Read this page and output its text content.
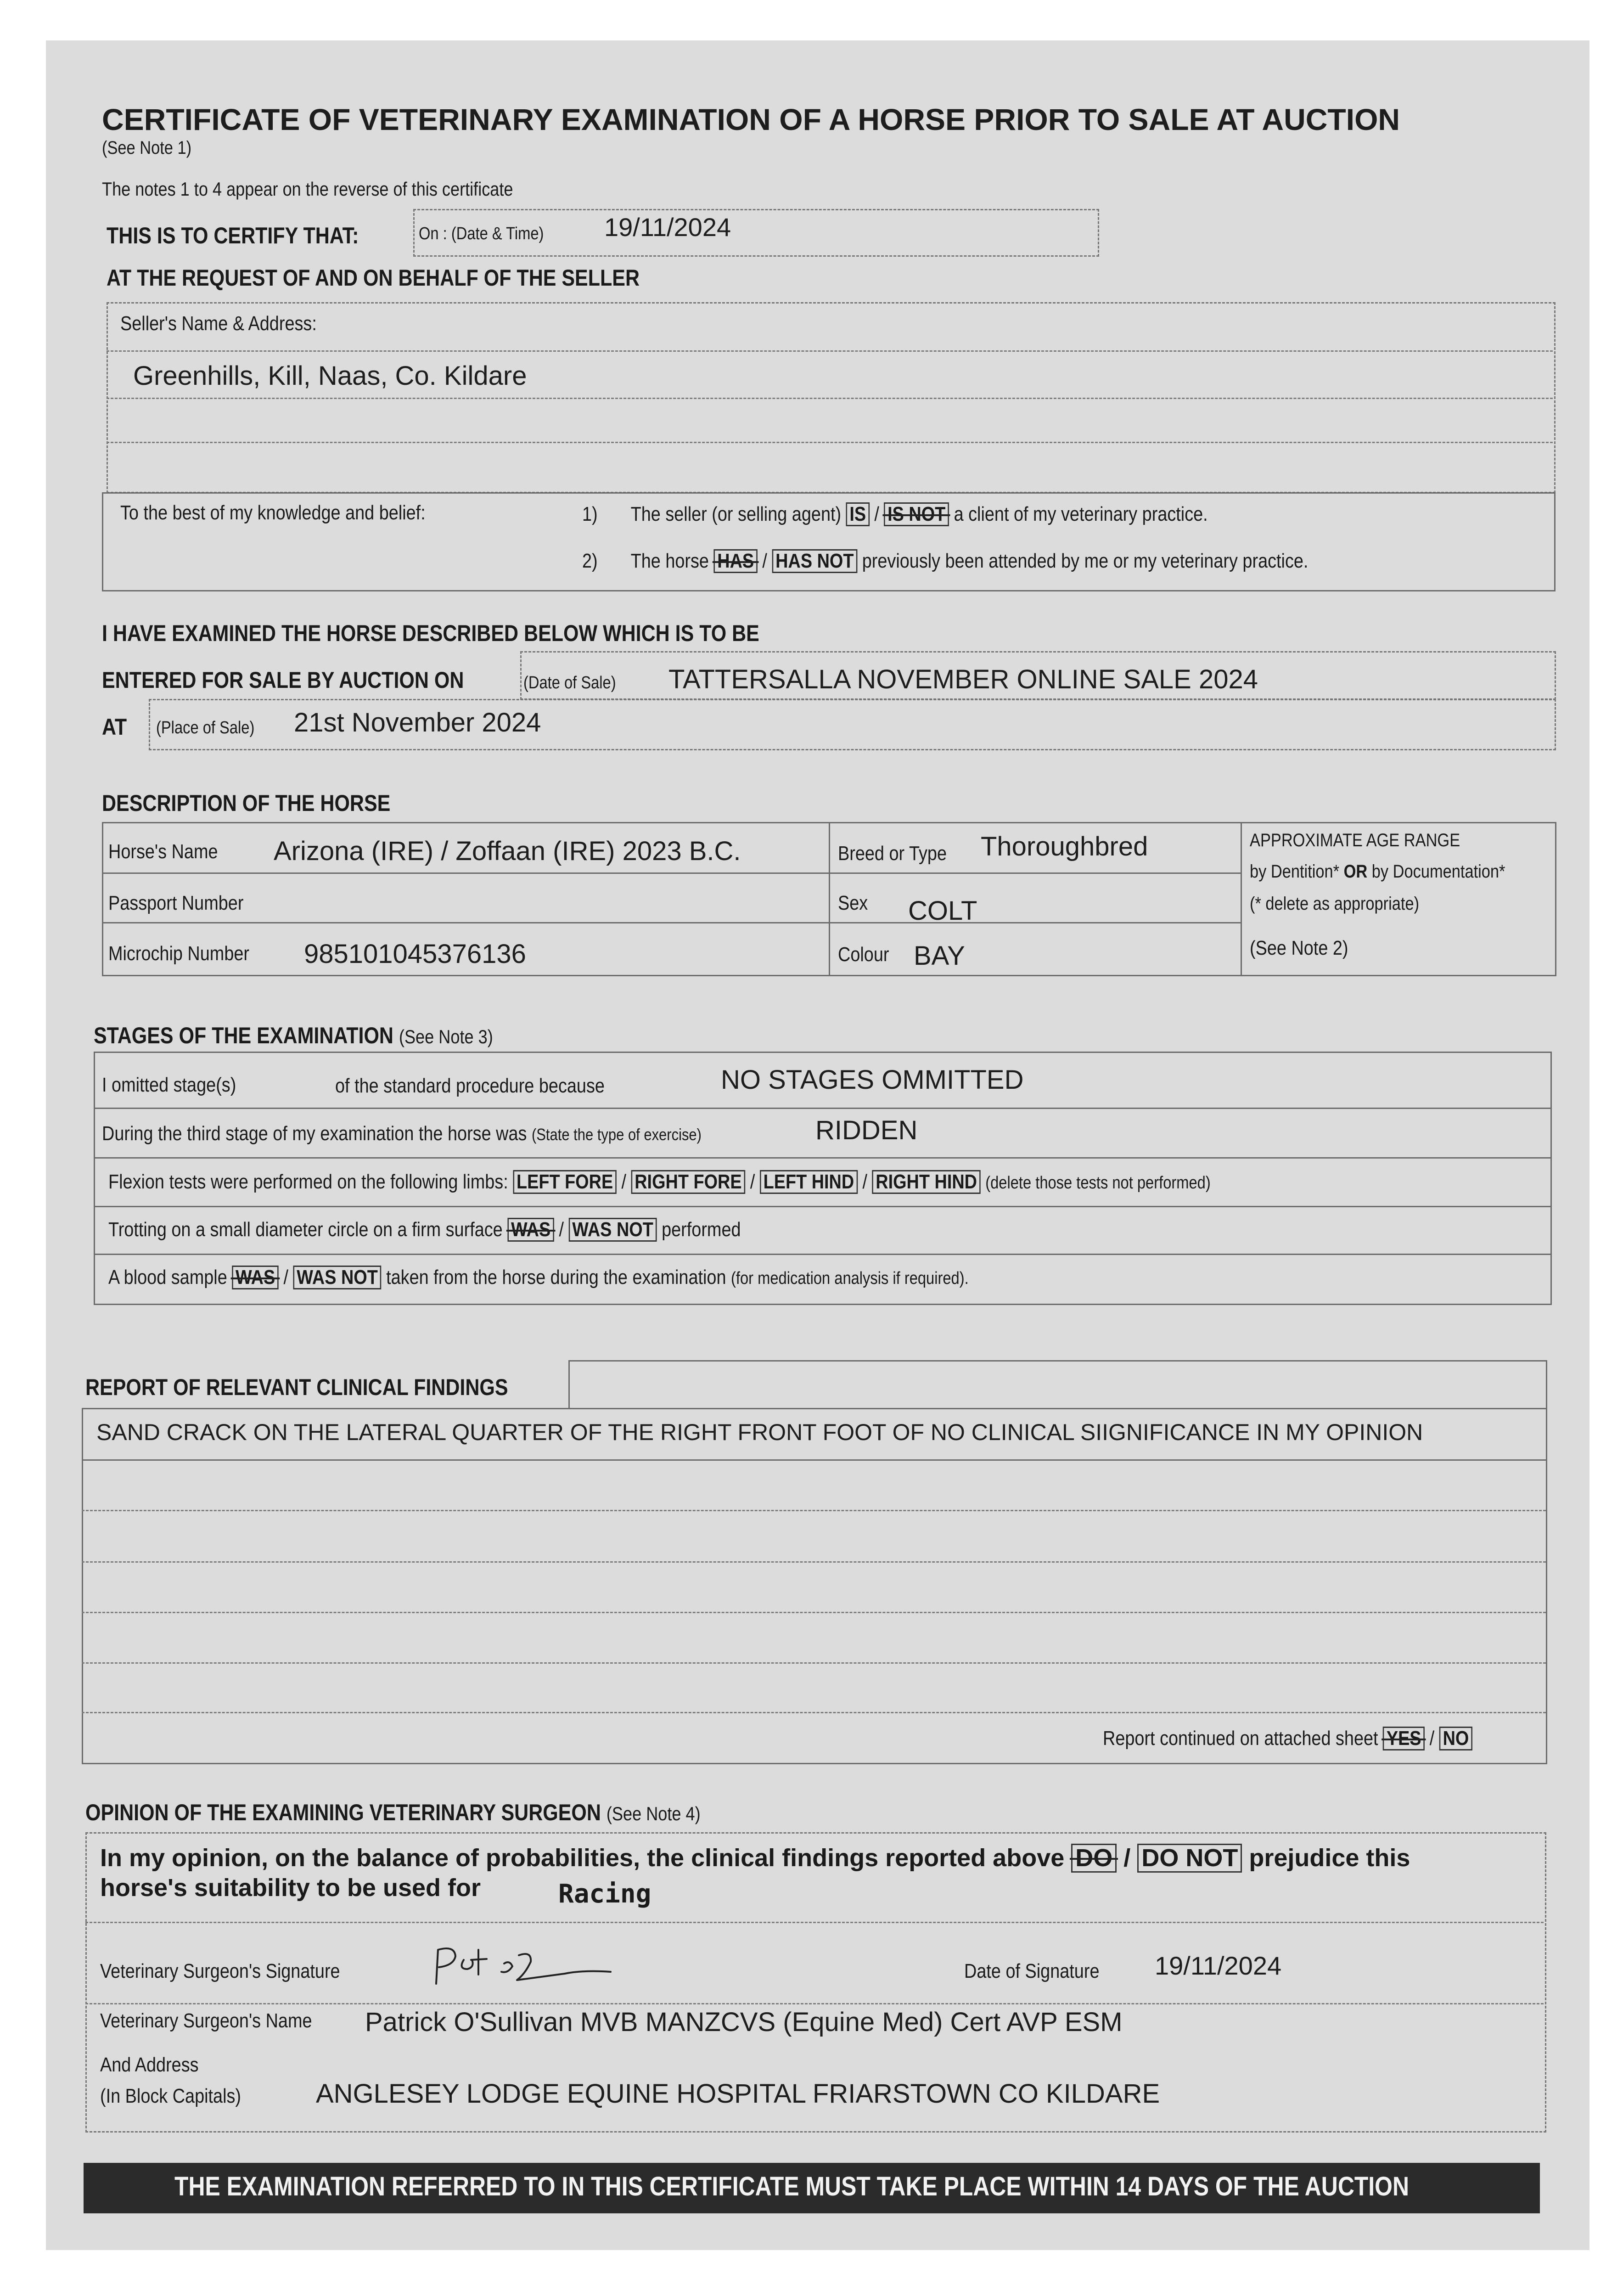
CERTIFICATE OF VETERINARY EXAMINATION OF A HORSE PRIOR TO SALE AT AUCTION
(See Note 1)
The notes 1 to 4 appear on the reverse of this certificate
THIS IS TO CERTIFY THAT:	On : (Date & Time) 19/11/2024
AT THE REQUEST OF AND ON BEHALF OF THE SELLER
Seller's Name & Address:
Greenhills, Kill, Naas, Co. Kildare
To the best of my knowledge and belief:	1) The seller (or selling agent) IS / IS NOT a client of my veterinary practice.
2) The horse HAS / HAS NOT previously been attended by me or my veterinary practice.
I HAVE EXAMINED THE HORSE DESCRIBED BELOW WHICH IS TO BE
ENTERED FOR SALE BY AUCTION ON	(Date of Sale) TATTERSALLA NOVEMBER ONLINE SALE 2024
AT (Place of Sale) 21st November 2024
DESCRIPTION OF THE HORSE
Horse's Name Arizona (IRE) / Zoffaan (IRE) 2023 B.C.	Breed or Type Thoroughbred
Passport Number	Sex COLT
Microchip Number 985101045376136	Colour BAY
APPROXIMATE AGE RANGE
by Dentition* OR by Documentation*
(* delete as appropriate)
(See Note 2)
STAGES OF THE EXAMINATION (See Note 3)
I omitted stage(s)	of the standard procedure because	NO STAGES OMMITTED
During the third stage of my examination the horse was (State the type of exercise)	RIDDEN
Flexion tests were performed on the following limbs: LEFT FORE / RIGHT FORE / LEFT HIND / RIGHT HIND (delete those tests not performed)
Trotting on a small diameter circle on a firm surface WAS / WAS NOT performed
A blood sample WAS / WAS NOT taken from the horse during the examination (for medication analysis if required).
REPORT OF RELEVANT CLINICAL FINDINGS
SAND CRACK ON THE LATERAL QUARTER OF THE RIGHT FRONT FOOT OF NO CLINICAL SIIGNIFICANCE IN MY OPINION
Report continued on attached sheet YES / NO
OPINION OF THE EXAMINING VETERINARY SURGEON (See Note 4)
In my opinion, on the balance of probabilities, the clinical findings reported above DO / DO NOT prejudice this
horse's suitability to be used for	Racing
Veterinary Surgeon's Signature	Date of Signature 19/11/2024
Veterinary Surgeon's Name Patrick O'Sullivan MVB MANZCVS (Equine Med) Cert AVP ESM
And Address
(In Block Capitals)	ANGLESEY LODGE EQUINE HOSPITAL FRIARSTOWN CO KILDARE
THE EXAMINATION REFERRED TO IN THIS CERTIFICATE MUST TAKE PLACE WITHIN 14 DAYS OF THE AUCTION
